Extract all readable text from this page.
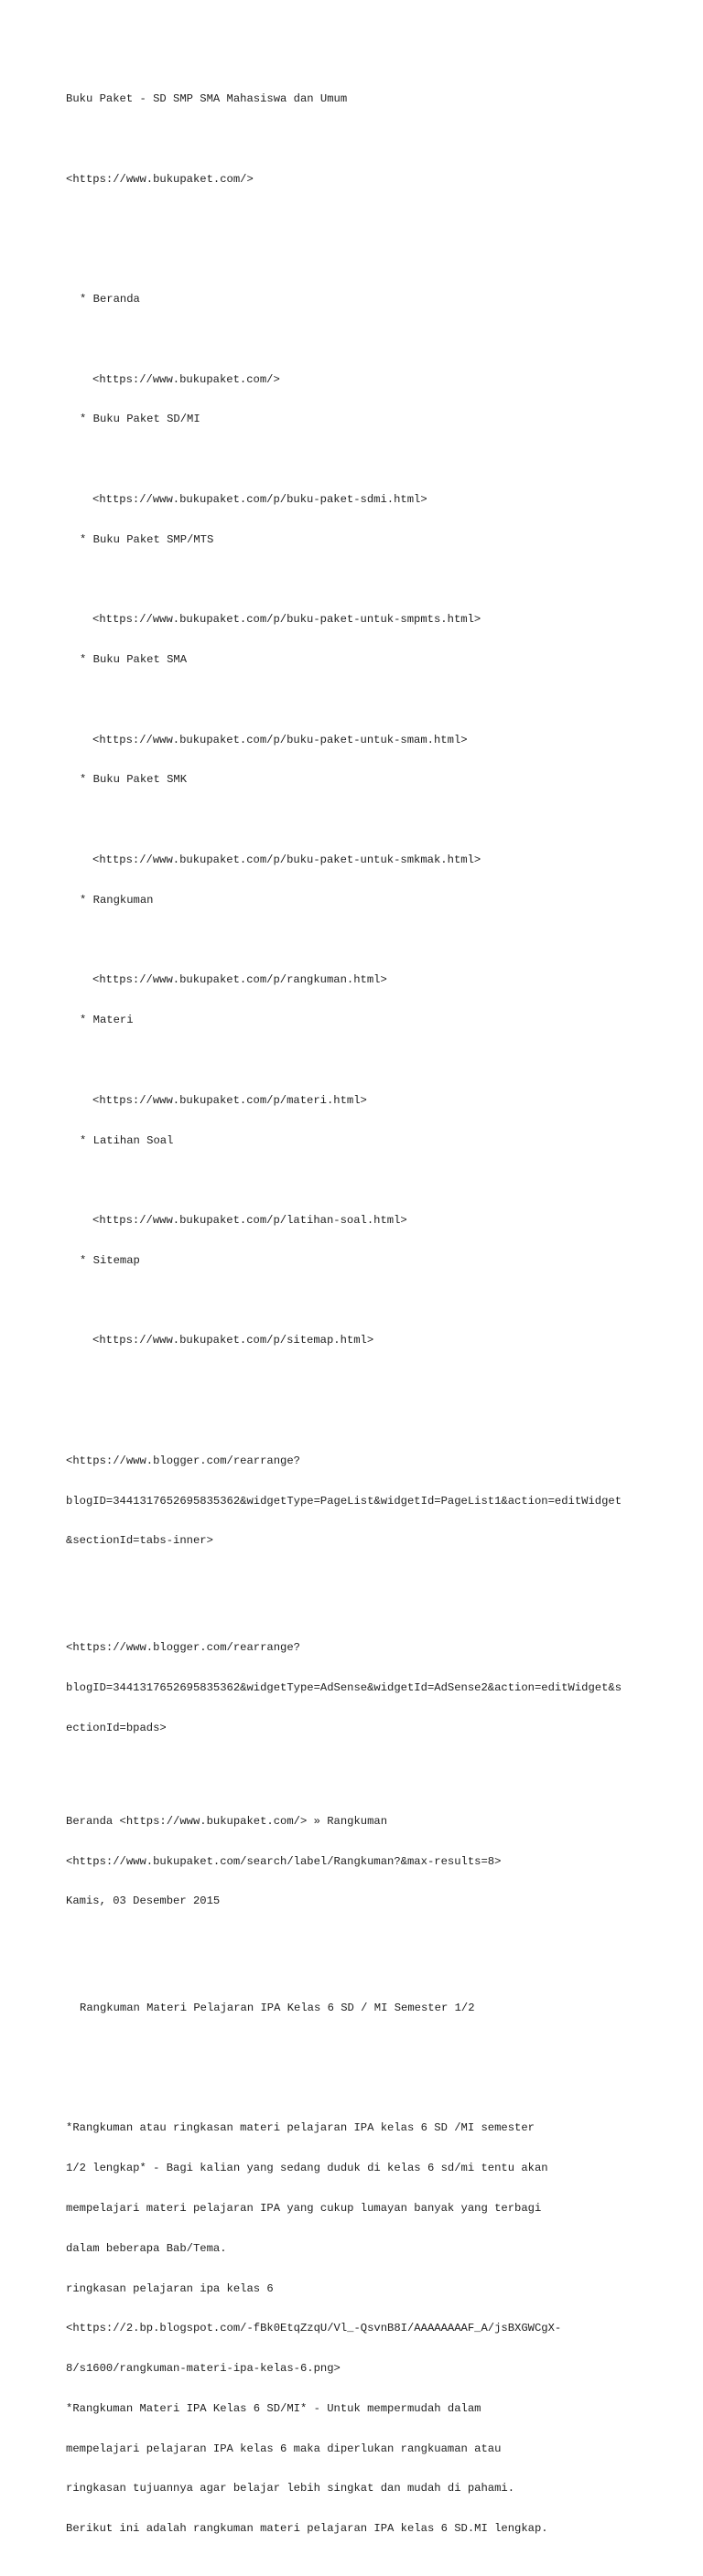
Buku Paket - SD SMP SMA Mahasiswa dan Umum

<https://www.bukupaket.com/>

* Beranda

<https://www.bukupaket.com/>

* Buku Paket SD/MI

<https://www.bukupaket.com/p/buku-paket-sdmi.html>

* Buku Paket SMP/MTS

<https://www.bukupaket.com/p/buku-paket-untuk-smpmts.html>

* Buku Paket SMA

<https://www.bukupaket.com/p/buku-paket-untuk-smam.html>

* Buku Paket SMK

<https://www.bukupaket.com/p/buku-paket-untuk-smkmak.html>

* Rangkuman

<https://www.bukupaket.com/p/rangkuman.html>

* Materi

<https://www.bukupaket.com/p/materi.html>

* Latihan Soal

<https://www.bukupaket.com/p/latihan-soal.html>

* Sitemap

<https://www.bukupaket.com/p/sitemap.html>

<https://www.blogger.com/rearrange?

blogID=3441317652695835362&widgetType=PageList&widgetId=PageList1&action=editWidget

&sectionId=tabs-inner>

<https://www.blogger.com/rearrange?

blogID=3441317652695835362&widgetType=AdSense&widgetId=AdSense2&action=editWidget&s

ectionId=bpads>

Beranda <https://www.bukupaket.com/> » Rangkuman

<https://www.bukupaket.com/search/label/Rangkuman?&max-results=8>

Kamis, 03 Desember 2015

Rangkuman Materi Pelajaran IPA Kelas 6 SD / MI Semester 1/2

*Rangkuman atau ringkasan materi pelajaran IPA kelas 6 SD /MI semester

1/2 lengkap* - Bagi kalian yang sedang duduk di kelas 6 sd/mi tentu akan

mempelajari materi pelajaran IPA yang cukup lumayan banyak yang terbagi

dalam beberapa Bab/Tema.

ringkasan pelajaran ipa kelas 6

<https://2.bp.blogspot.com/-fBk0EtqZzqU/Vl_-QsvnB8I/AAAAAAAAF_A/jsBXGWCgX-

8/s1600/rangkuman-materi-ipa-kelas-6.png>

*Rangkuman Materi IPA Kelas 6 SD/MI* - Untuk mempermudah dalam

mempelajari pelajaran IPA kelas 6 maka diperlukan rangkuaman atau

ringkasan tujuannya agar belajar lebih singkat dan mudah di pahami.

Berikut ini adalah rangkuman materi pelajaran IPA kelas 6 SD.MI lengkap.
